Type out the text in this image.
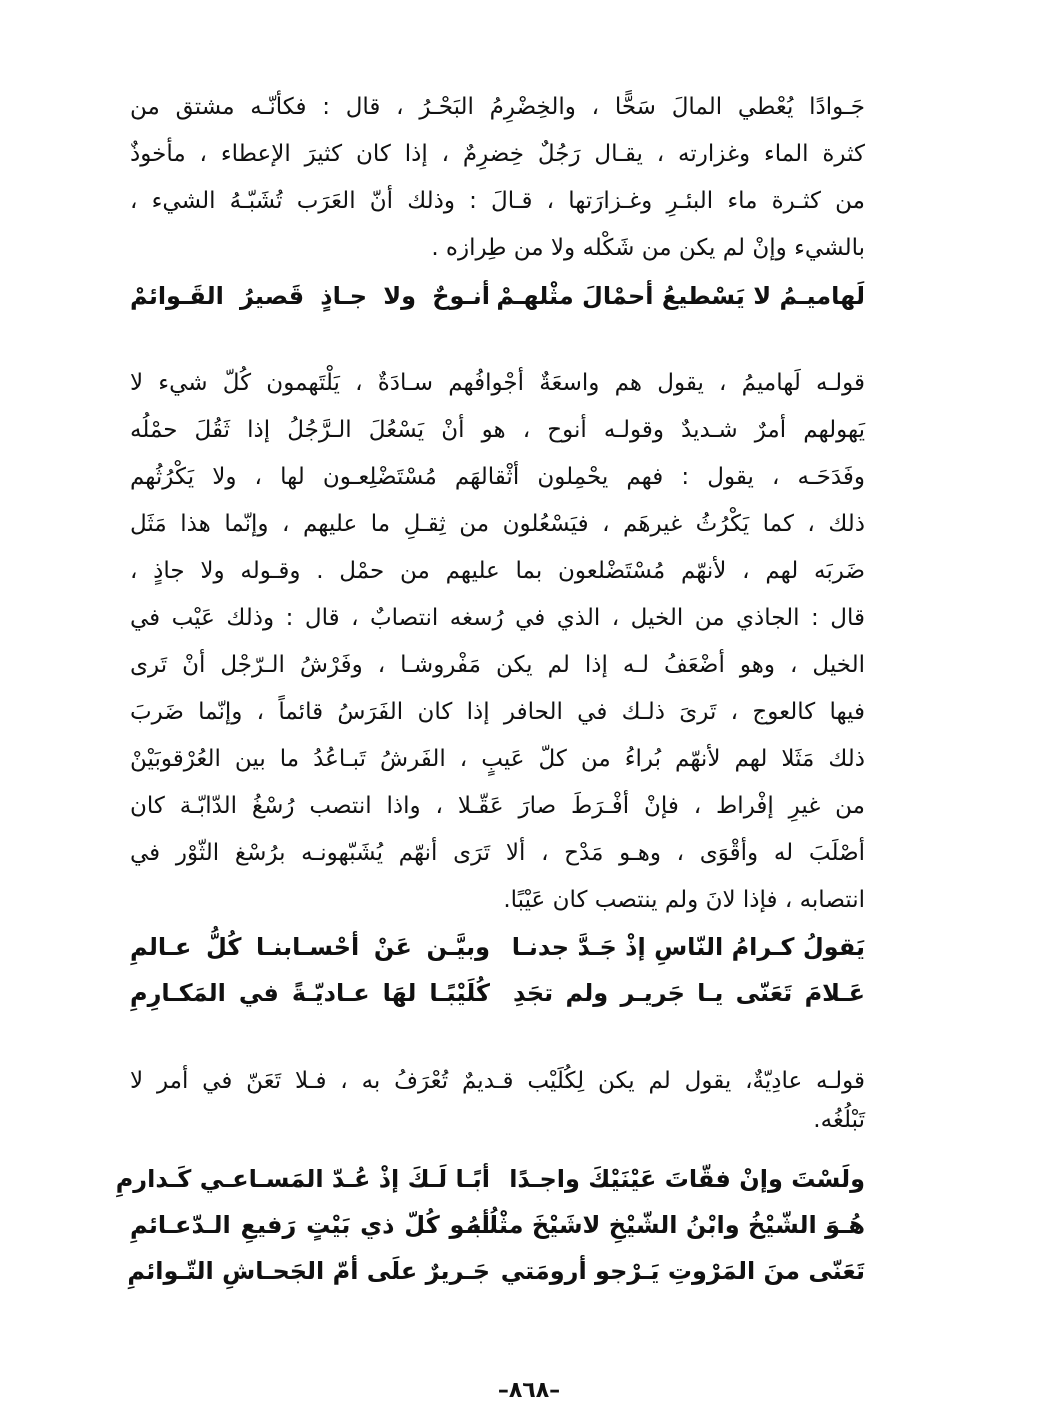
جَـوادًا يُعْطي المالَ سَحًّا ، والخِضْرِمُ البَحْـرُ ، قال : فكأنّـه مشتق من
كثرة الماء وغزارته ، يقـال رَجُلٌ خِضرِمٌ ، إذا كان كثيرَ الإعطاء ، مأخوذٌ
من كثـرة ماء البئـرِ وغـزارَتها ، قـالَ : وذلك أنّ العَرَب تُشَبّـهُ الشيء ،
بالشيء وإنْ لم يكن من شَكْله ولا من طِرازه .
لَهاميـمُ لا يَسْطيعُ أحمْالَ مثْلهـمْ
أنـوحٌ ولا جـاذٍ قَصيرُ القَـوائمْ
قولـه لَهاميمُ ، يقول هم واسعَةٌ أجْوافُهم سـادَةٌ ، يَلْتَهمون كُلّ شيء لا
يَهولهم أمرٌ شـديدٌ وقولـه أنوح ، هو أنْ يَسْعُلَ الـرَّجُلُ إذا ثَقُلَ حمْلُه
وفَدَحَـه ، يقول : فهم يحْمِلون أثْقالهَم مُسْتَضْلِعـون لها ، ولا يَكْرُثُهم
ذلك ، كما يَكْرُثُ غيرهَم ، فيَسْعُلون من ثِقـلِ ما عليهم ، وإنّما هذا مَثَل
ضَربَه لهم ، لأنهّم مُسْتَضْلعون بما عليهم من حمْل . وقـوله ولا جاذٍ ،
قال : الجاذي من الخيل ، الذي في رُسغه انتصابٌ ، قال : وذلك عَيْب في
الخيل ، وهو أضْعَفُ لـه إذا لم يكن مَفْروشـا ، وفَرْشُ الـرّجْل أنْ تَرى
فيها كالعوج ، تَرىَ ذلـك في الحافر إذا كان الفَرَسُ قائماً ، وإنّما ضَربَ
ذلك مَثَلا لهم لأنهّم بُراءُ من كلّ عَيبٍ ، الفَرشُ تَبـاعُدُ ما بين العُرْقوبَيْنْ
من غيرِ إفْراط ، فإنْ أفْـرَطَ صارَ عَقّـلا ، واذا انتصب رُسْغُ الدّابّـة كان
أصْلَبَ له وأقْوَى ، وهـو مَدْح ، ألا تَرَى أنهّم يُشَبّهونـه برُسْغ الثّوْر في
انتصابه ، فإذا لانَ ولم ينتصب كان عَيْبًا.
يَقولُ كـرامُ النّاسِ إذْ جَـدَّ جدنـا
وبيَّـن عَنْ أحْسـابنـا كُلُّ عـالمِ
عَـلامَ تَعَنّى يـا جَريـر ولم تجَدِ
كُلَيْبًـا لهَا عـاديّـةً في المَكـارِمِ
قولـه عادِيّةٌ، يقول لم يكن لِكُلَيْب قـديمٌ تُعْرَفُ به ، فـلا تَعَنّ في أمر لا
تَبْلُغُه.
ولَسْتَ وإنْ فقّاتَ عَيْنَيْكَ واجـدًا
أبًـا لَـكَ إذْ عُـدّ المَسـاعـي كَـدارمِ
هُـوَ الشّيْخُ وابْنُ الشّيْخِ لاشَيْخَ مثْلُـهُ
أبـو كُلّ ذي بَيْتٍ رَفيعِ الـدّعـائمِ
تَعَنّى منَ المَرْوتِ يَـرْجو أرومَتي
جَـريرٌ علَى أمّ الجَحـاشِ التّـوائمِ
–٨٦٨–
